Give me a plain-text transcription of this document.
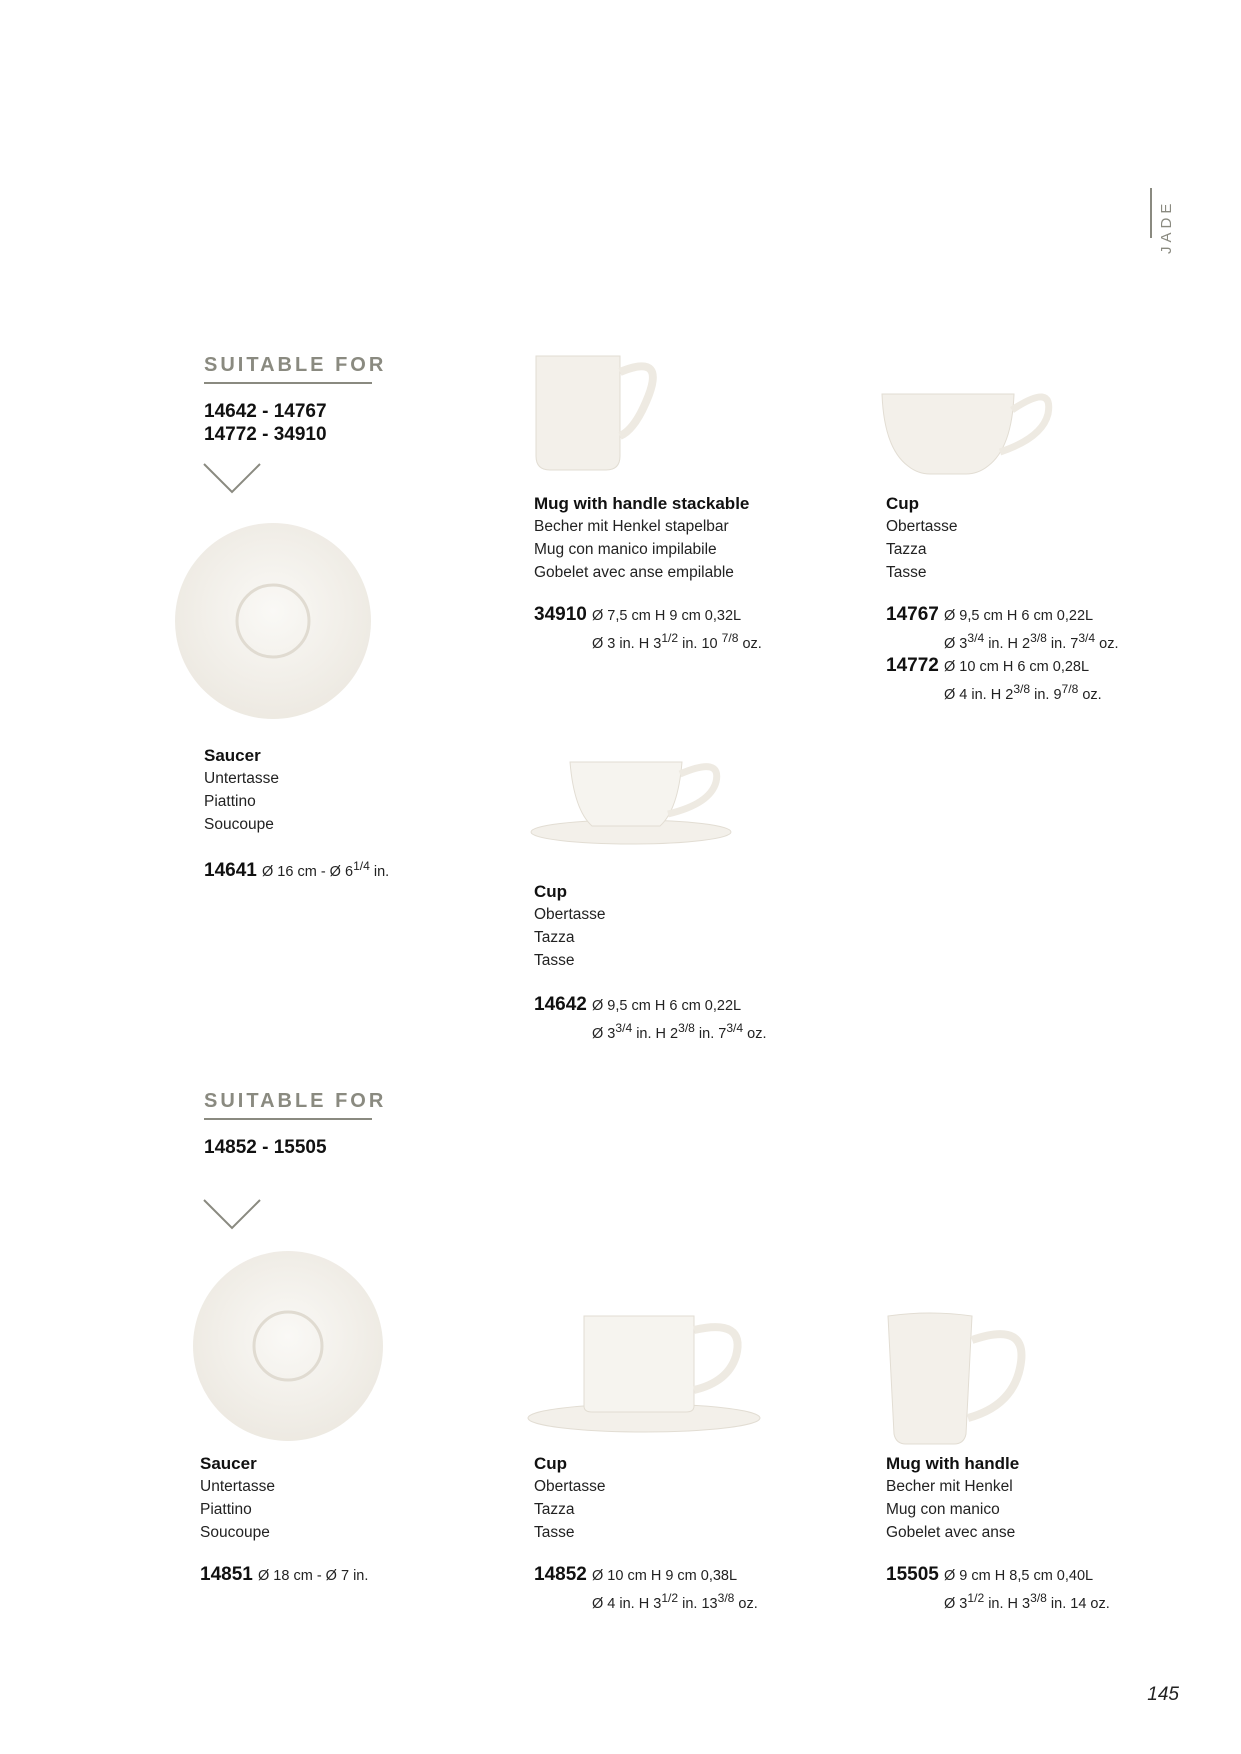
JADE
SUITABLE FOR
14642 - 14767
14772 - 34910
Saucer
Untertasse
Piattino
Soucoupe
14641 Ø 16 cm - Ø $6^{1/4}$ in.
Mug with handle stackable
Becher mit Henkel stapelbar
Mug con manico impilabile
Gobelet avec anse empilable
34910 Ø 7,5 cm H 9 cm 0,32L
Ø 3 in. H $3^{1/2}$ in. 10 $^{7/8}$ oz.
Cup
Obertasse
Tazza
Tasse
14767 Ø 9,5 cm H 6 cm 0,22L
Ø $3^{3/4}$ in. H $2^{3/8}$ in. $7^{3/4}$ oz.
14772 Ø 10 cm H 6 cm 0,28L
Ø 4 in. H $2^{3/8}$ in. $9^{7/8}$ oz.
Cup
Obertasse
Tazza
Tasse
14642 Ø 9,5 cm H 6 cm 0,22L
Ø $3^{3/4}$ in. H $2^{3/8}$ in. $7^{3/4}$ oz.
SUITABLE FOR
14852 - 15505
Saucer
Untertasse
Piattino
Soucoupe
14851 Ø 18 cm - Ø 7 in.
Cup
Obertasse
Tazza
Tasse
14852 Ø 10 cm H 9 cm 0,38L
Ø 4 in. H $3^{1/2}$ in. $13^{3/8}$ oz.
Mug with handle
Becher mit Henkel
Mug con manico
Gobelet avec anse
15505 Ø 9 cm H 8,5 cm 0,40L
Ø $3^{1/2}$ in. H $3^{3/8}$ in. 14 oz.
145
